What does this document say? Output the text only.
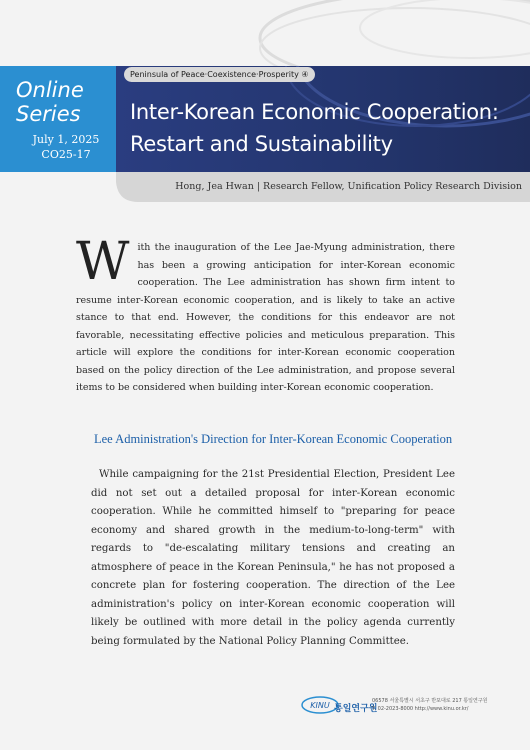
Online
Series
July 1, 2025
CO25-17
Peninsula of Peace·Coexistence·Prosperity ④
Inter-Korean Economic Cooperation:
Restart and Sustainability
Hong, Jea Hwan | Research Fellow, Unification Policy Research Division
W ith the inauguration of the Lee Jae-Myung administration, there has been a growing anticipation for inter-Korean economic cooperation. The Lee administration has shown firm intent to resume inter-Korean economic cooperation, and is likely to take an active stance to that end. However, the conditions for this endeavor are not favorable, necessitating effective policies and meticulous preparation. This article will explore the conditions for inter-Korean economic cooperation based on the policy direction of the Lee administration, and propose several items to be considered when building inter-Korean economic cooperation.
Lee Administration's Direction for Inter-Korean Economic Cooperation
While campaigning for the 21st Presidential Election, President Lee did not set out a detailed proposal for inter-Korean economic cooperation. While he committed himself to "preparing for peace economy and shared growth in the medium-to-long-term" with regards to "de-escalating military tensions and creating an atmosphere of peace in the Korean Peninsula," he has not proposed a concrete plan for fostering cooperation. The direction of the Lee administration's policy on inter-Korean economic cooperation will likely be outlined with more detail in the policy agenda currently being formulated by the National Policy Planning Committee.
KINU 통일연구원
06578 서울특별시 서초구 반포대로 217 통일연구원
T. 02-2023-8000 http://www.kinu.or.kr/
